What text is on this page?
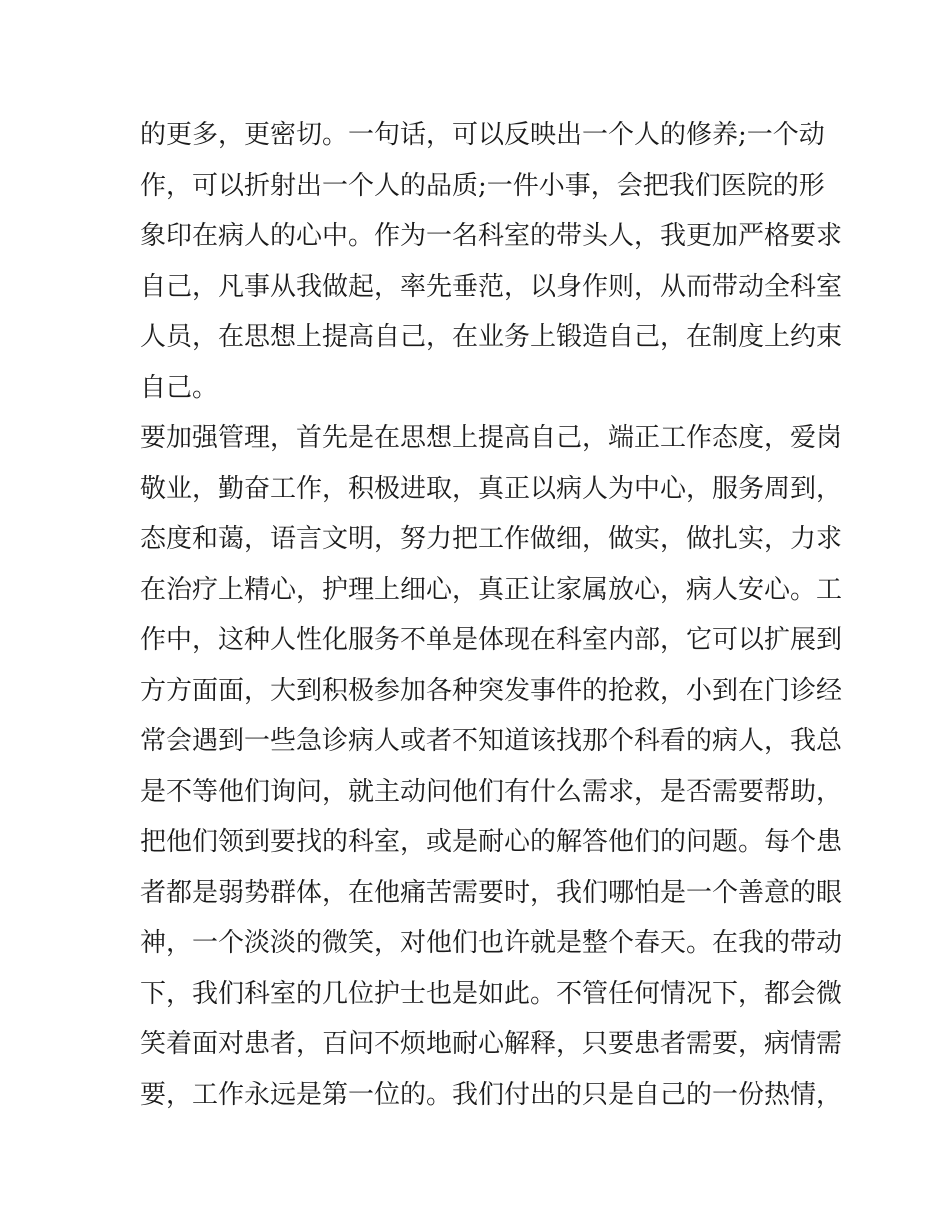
的更多，更密切。一句话，可以反映出一个人的修养;一个动
作，可以折射出一个人的品质;一件小事，会把我们医院的形
象印在病人的心中。作为一名科室的带头人，我更加严格要求
自己，凡事从我做起，率先垂范，以身作则，从而带动全科室
人员，在思想上提高自己，在业务上锻造自己，在制度上约束
自己。
要加强管理，首先是在思想上提高自己，端正工作态度，爱岗
敬业，勤奋工作，积极进取，真正以病人为中心，服务周到，
态度和蔼，语言文明，努力把工作做细，做实，做扎实，力求
在治疗上精心，护理上细心，真正让家属放心，病人安心。工
作中，这种人性化服务不单是体现在科室内部，它可以扩展到
方方面面，大到积极参加各种突发事件的抢救，小到在门诊经
常会遇到一些急诊病人或者不知道该找那个科看的病人，我总
是不等他们询问，就主动问他们有什么需求，是否需要帮助，
把他们领到要找的科室，或是耐心的解答他们的问题。每个患
者都是弱势群体，在他痛苦需要时，我们哪怕是一个善意的眼
神，一个淡淡的微笑，对他们也许就是整个春天。在我的带动
下，我们科室的几位护士也是如此。不管任何情况下，都会微
笑着面对患者，百问不烦地耐心解释，只要患者需要，病情需
要，工作永远是第一位的。我们付出的只是自己的一份热情，
